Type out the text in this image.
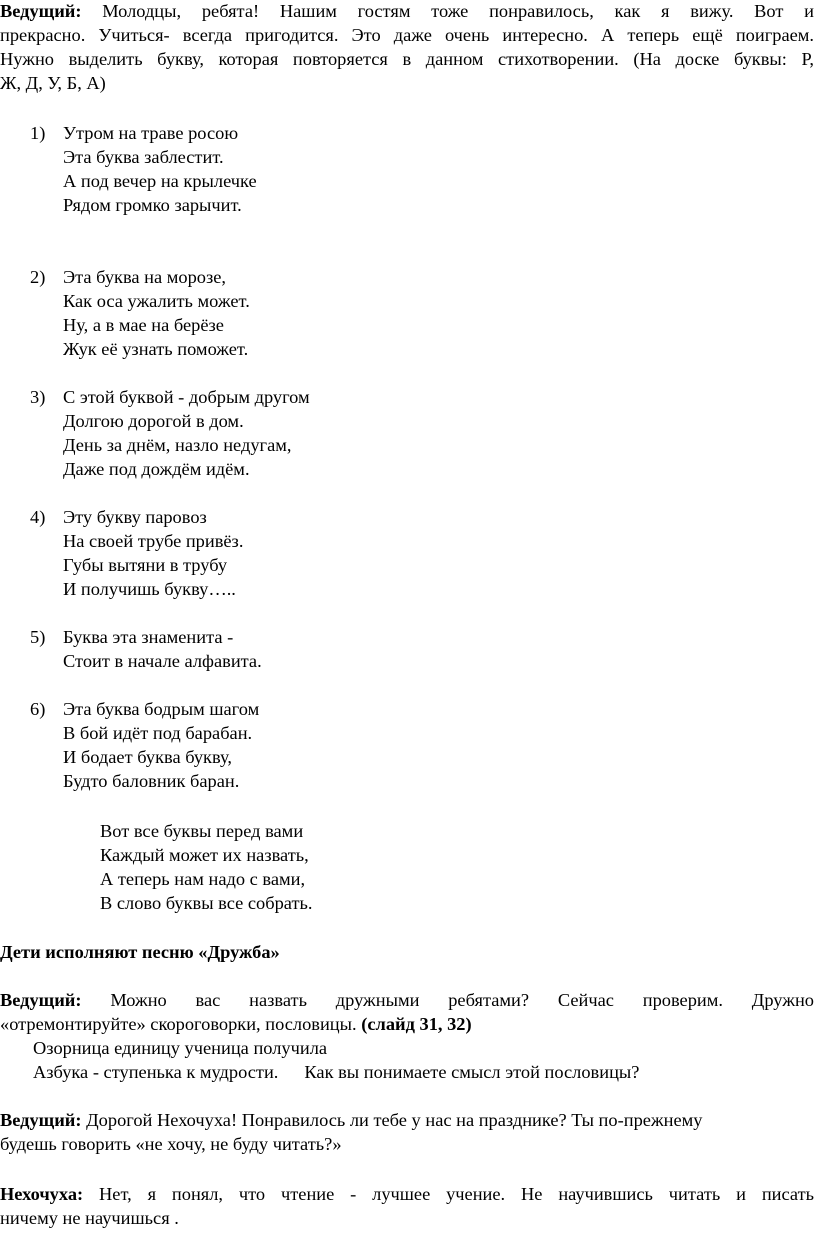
Ведущий: Молодцы, ребята! Нашим гостям тоже понравилось, как я вижу. Вот и
прекрасно. Учиться- всегда пригодится. Это даже очень интересно. А теперь ещё поиграем.
Нужно выделить букву, которая повторяется в данном стихотворении. (На доске буквы: Р,
Ж, Д, У, Б, А)
1) Утром на траве росою
Эта буква заблестит.
А под вечер на крылечке
Рядом громко зарычит.
2) Эта буква на морозе,
Как оса ужалить может.
Ну, а в мае на берёзе
Жук её узнать поможет.
3) С этой буквой - добрым другом
Долгою дорогой в дом.
День за днём, назло недугам,
Даже под дождём идём.
4) Эту букву паровоз
На своей трубе привёз.
Губы вытяни в трубу
И получишь букву…..
5) Буква эта знаменита -
Стоит в начале алфавита.
6) Эта буква бодрым шагом
В бой идёт под барабан.
И бодает буква букву,
Будто баловник баран.
Вот все буквы перед вами
Каждый может их назвать,
А теперь нам надо с вами,
В слово буквы все собрать.
Дети исполняют песню «Дружба»
Ведущий: Можно вас назвать дружными ребятами? Сейчас проверим. Дружно
«отремонтируйте» скороговорки, пословицы. (слайд 31, 32)
Озорница единицу ученица получила
Азбука - ступенька к мудрости. Как вы понимаете смысл этой пословицы?
Ведущий: Дорогой Нехочуха! Понравилось ли тебе у нас на празднике? Ты по-прежнему
будешь говорить «не хочу, не буду читать?»
Нехочуха: Нет, я понял, что чтение - лучшее учение. Не научившись читать и писать
ничему не научишься .
